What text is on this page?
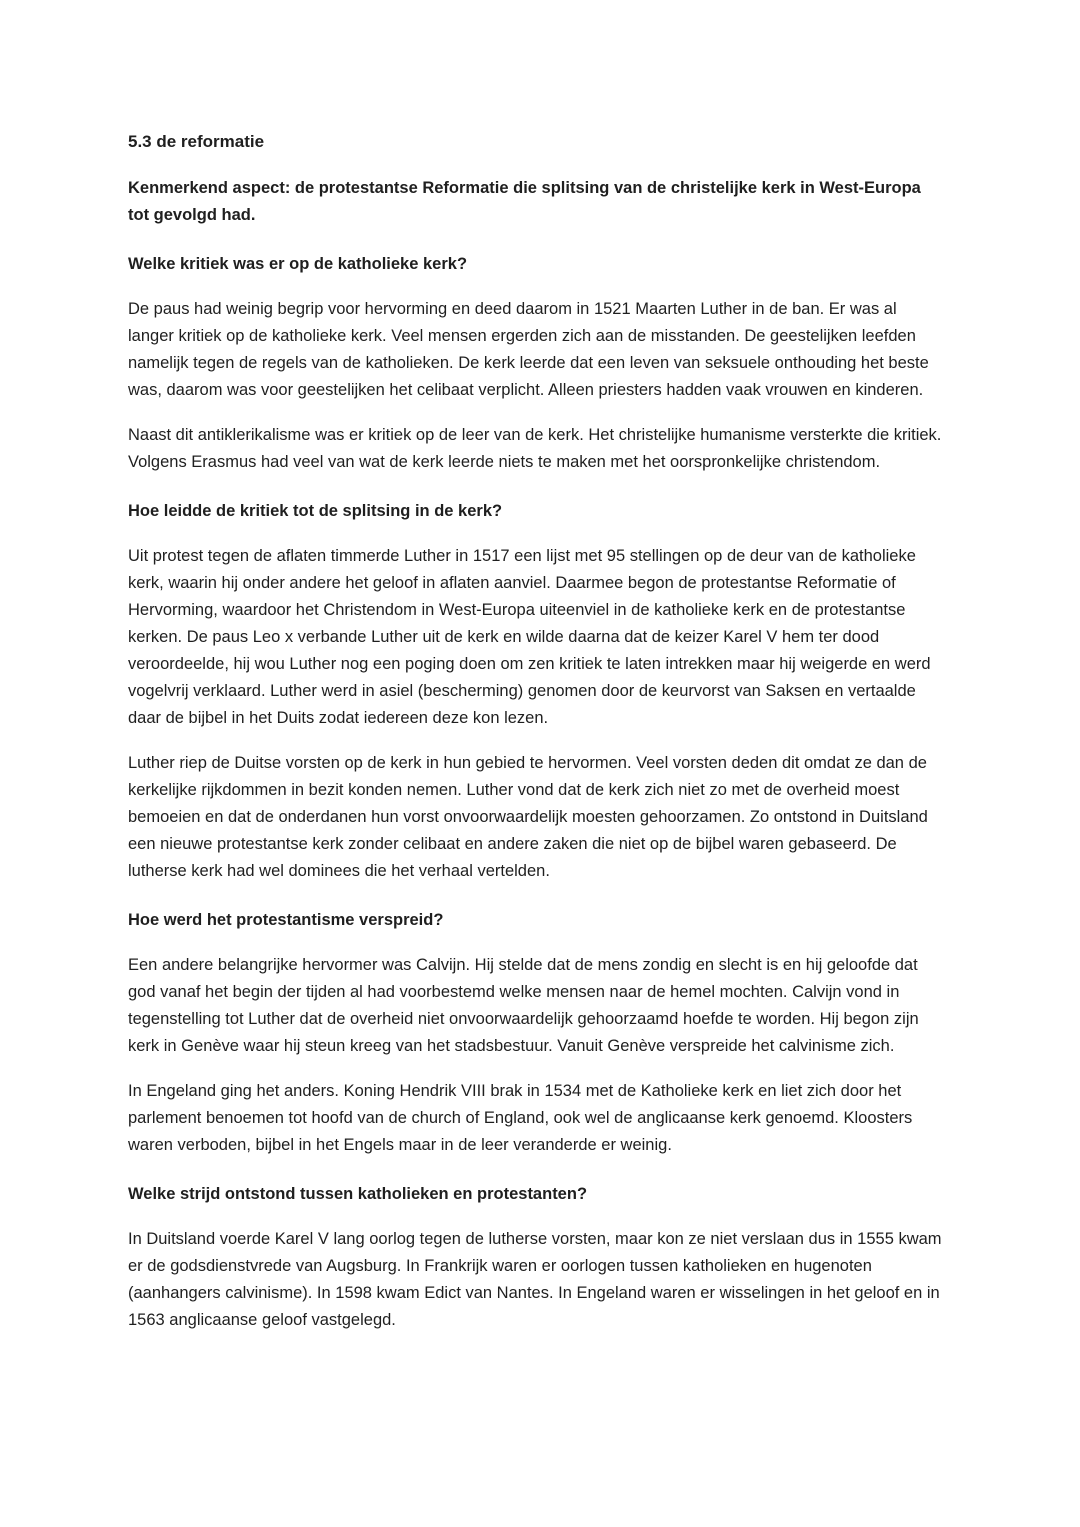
5.3 de reformatie

Kenmerkend aspect: de protestantse Reformatie die splitsing van de christelijke kerk in West-Europa tot gevolgd had.

Welke kritiek was er op de katholieke kerk?

De paus had weinig begrip voor hervorming en deed daarom in 1521 Maarten Luther in de ban. Er was al langer kritiek op de katholieke kerk. Veel mensen ergerden zich aan de misstanden. De geestelijken leefden namelijk tegen de regels van de katholieken. De kerk leerde dat een leven van seksuele onthouding het beste was, daarom was voor geestelijken het celibaat verplicht. Alleen priesters hadden vaak vrouwen en kinderen.

Naast dit antiklerikalisme was er kritiek op de leer van de kerk. Het christelijke humanisme versterkte die kritiek. Volgens Erasmus had veel van wat de kerk leerde niets te maken met het oorspronkelijke christendom.

Hoe leidde de kritiek tot de splitsing in de kerk?

Uit protest tegen de aflaten timmerde Luther in 1517 een lijst met 95 stellingen op de deur van de katholieke kerk, waarin hij onder andere het geloof in aflaten aanviel. Daarmee begon de protestantse Reformatie of Hervorming, waardoor het Christendom in West-Europa uiteenviel in de katholieke kerk en de protestantse kerken. De paus Leo x verbande Luther uit de kerk en wilde daarna dat de keizer Karel V hem ter dood veroordeelde, hij wou Luther nog een poging doen om zen kritiek te laten intrekken maar hij weigerde en werd vogelvrij verklaard. Luther werd in asiel (bescherming) genomen door de keurvorst van Saksen en vertaalde daar de bijbel in het Duits zodat iedereen deze kon lezen.

Luther riep de Duitse vorsten op de kerk in hun gebied te hervormen. Veel vorsten deden dit omdat ze dan de kerkelijke rijkdommen in bezit konden nemen. Luther vond dat de kerk zich niet zo met de overheid moest bemoeien en dat de onderdanen hun vorst onvoorwaardelijk moesten gehoorzamen. Zo ontstond in Duitsland een nieuwe protestantse kerk zonder celibaat en andere zaken die niet op de bijbel waren gebaseerd. De lutherse kerk had wel dominees die het verhaal vertelden.

Hoe werd het protestantisme verspreid?

Een andere belangrijke hervormer was Calvijn. Hij stelde dat de mens zondig en slecht is en hij geloofde dat god vanaf het begin der tijden al had voorbestemd welke mensen naar de hemel mochten. Calvijn vond in tegenstelling tot Luther dat de overheid niet onvoorwaardelijk gehoorzaamd hoefde te worden. Hij begon zijn kerk in Genève waar hij steun kreeg van het stadsbestuur. Vanuit Genève verspreide het calvinisme zich.

In Engeland ging het anders. Koning Hendrik VIII brak in 1534 met de Katholieke kerk en liet zich door het parlement benoemen tot hoofd van de church of England, ook wel de anglicaanse kerk genoemd. Kloosters waren verboden, bijbel in het Engels maar in de leer veranderde er weinig.

Welke strijd ontstond tussen katholieken en protestanten?

In Duitsland voerde Karel V lang oorlog tegen de lutherse vorsten, maar kon ze niet verslaan dus in 1555 kwam er de godsdienstvrede van Augsburg. In Frankrijk waren er oorlogen tussen katholieken en hugenoten (aanhangers calvinisme). In 1598 kwam Edict van Nantes. In Engeland waren er wisselingen in het geloof en in 1563 anglicaanse geloof vastgelegd.
